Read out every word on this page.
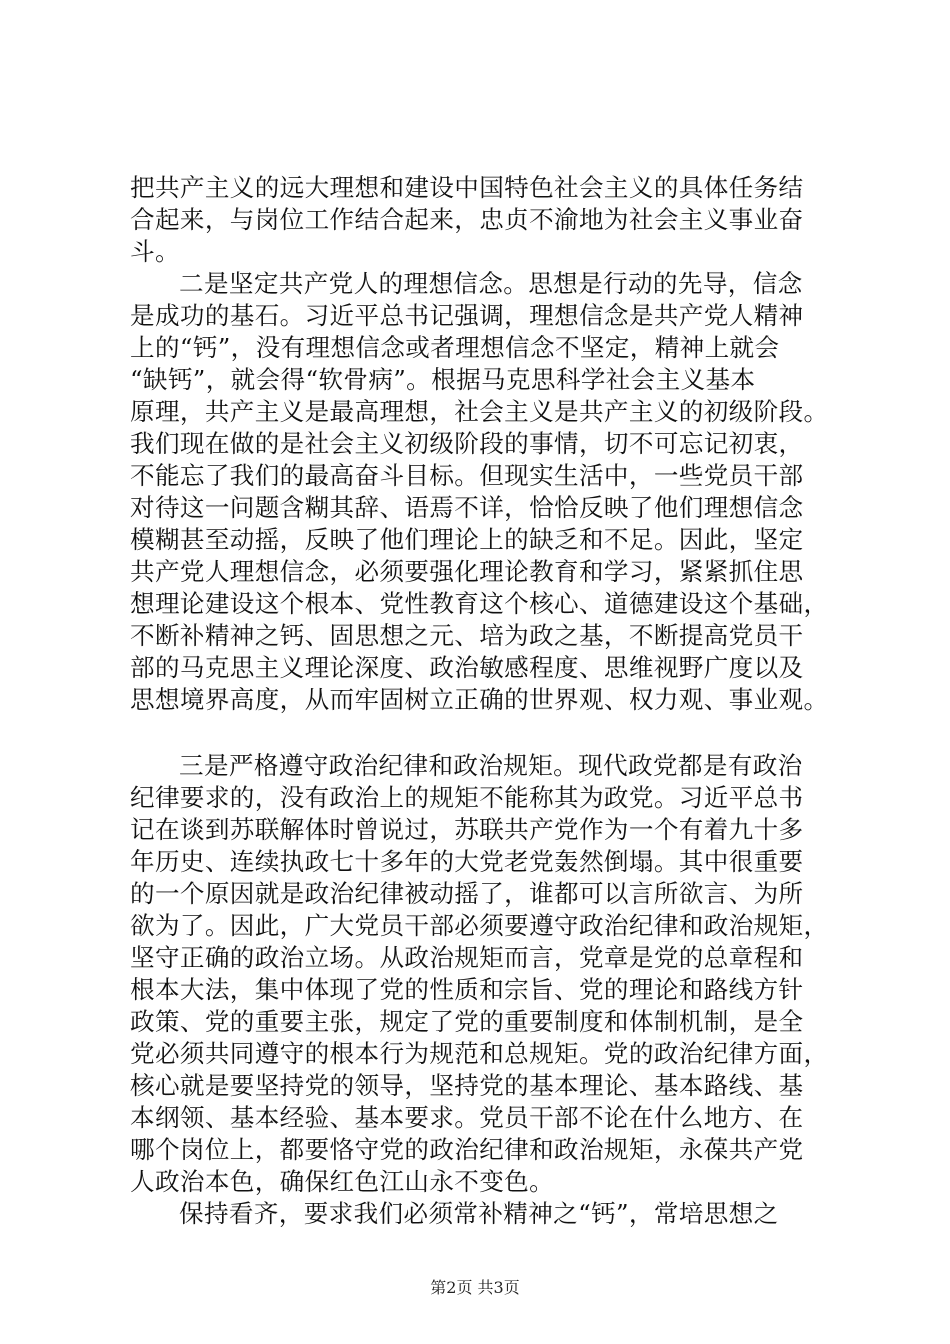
把共产主义的远大理想和建设中国特色社会主义的具体任务结
合起来，与岗位工作结合起来，忠贞不渝地为社会主义事业奋
斗。
二是坚定共产党人的理想信念。思想是行动的先导，信念
是成功的基石。习近平总书记强调，理想信念是共产党人精神
上的“钙”，没有理想信念或者理想信念不坚定，精神上就会
“缺钙”，就会得“软骨病”。根据马克思科学社会主义基本
原理，共产主义是最高理想，社会主义是共产主义的初级阶段。
我们现在做的是社会主义初级阶段的事情，切不可忘记初衷，
不能忘了我们的最高奋斗目标。但现实生活中，一些党员干部
对待这一问题含糊其辞、语焉不详，恰恰反映了他们理想信念
模糊甚至动摇，反映了他们理论上的缺乏和不足。因此，坚定
共产党人理想信念，必须要强化理论教育和学习，紧紧抓住思
想理论建设这个根本、党性教育这个核心、道德建设这个基础，
不断补精神之钙、固思想之元、培为政之基，不断提高党员干
部的马克思主义理论深度、政治敏感程度、思维视野广度以及
思想境界高度，从而牢固树立正确的世界观、权力观、事业观。
三是严格遵守政治纪律和政治规矩。现代政党都是有政治
纪律要求的，没有政治上的规矩不能称其为政党。习近平总书
记在谈到苏联解体时曾说过，苏联共产党作为一个有着九十多
年历史、连续执政七十多年的大党老党轰然倒塌。其中很重要
的一个原因就是政治纪律被动摇了，谁都可以言所欲言、为所
欲为了。因此，广大党员干部必须要遵守政治纪律和政治规矩，
坚守正确的政治立场。从政治规矩而言，党章是党的总章程和
根本大法，集中体现了党的性质和宗旨、党的理论和路线方针
政策、党的重要主张，规定了党的重要制度和体制机制，是全
党必须共同遵守的根本行为规范和总规矩。党的政治纪律方面，
核心就是要坚持党的领导，坚持党的基本理论、基本路线、基
本纲领、基本经验、基本要求。党员干部不论在什么地方、在
哪个岗位上，都要恪守党的政治纪律和政治规矩，永葆共产党
人政治本色，确保红色江山永不变色。
保持看齐，要求我们必须常补精神之“钙”，常培思想之
第2页 共3页
